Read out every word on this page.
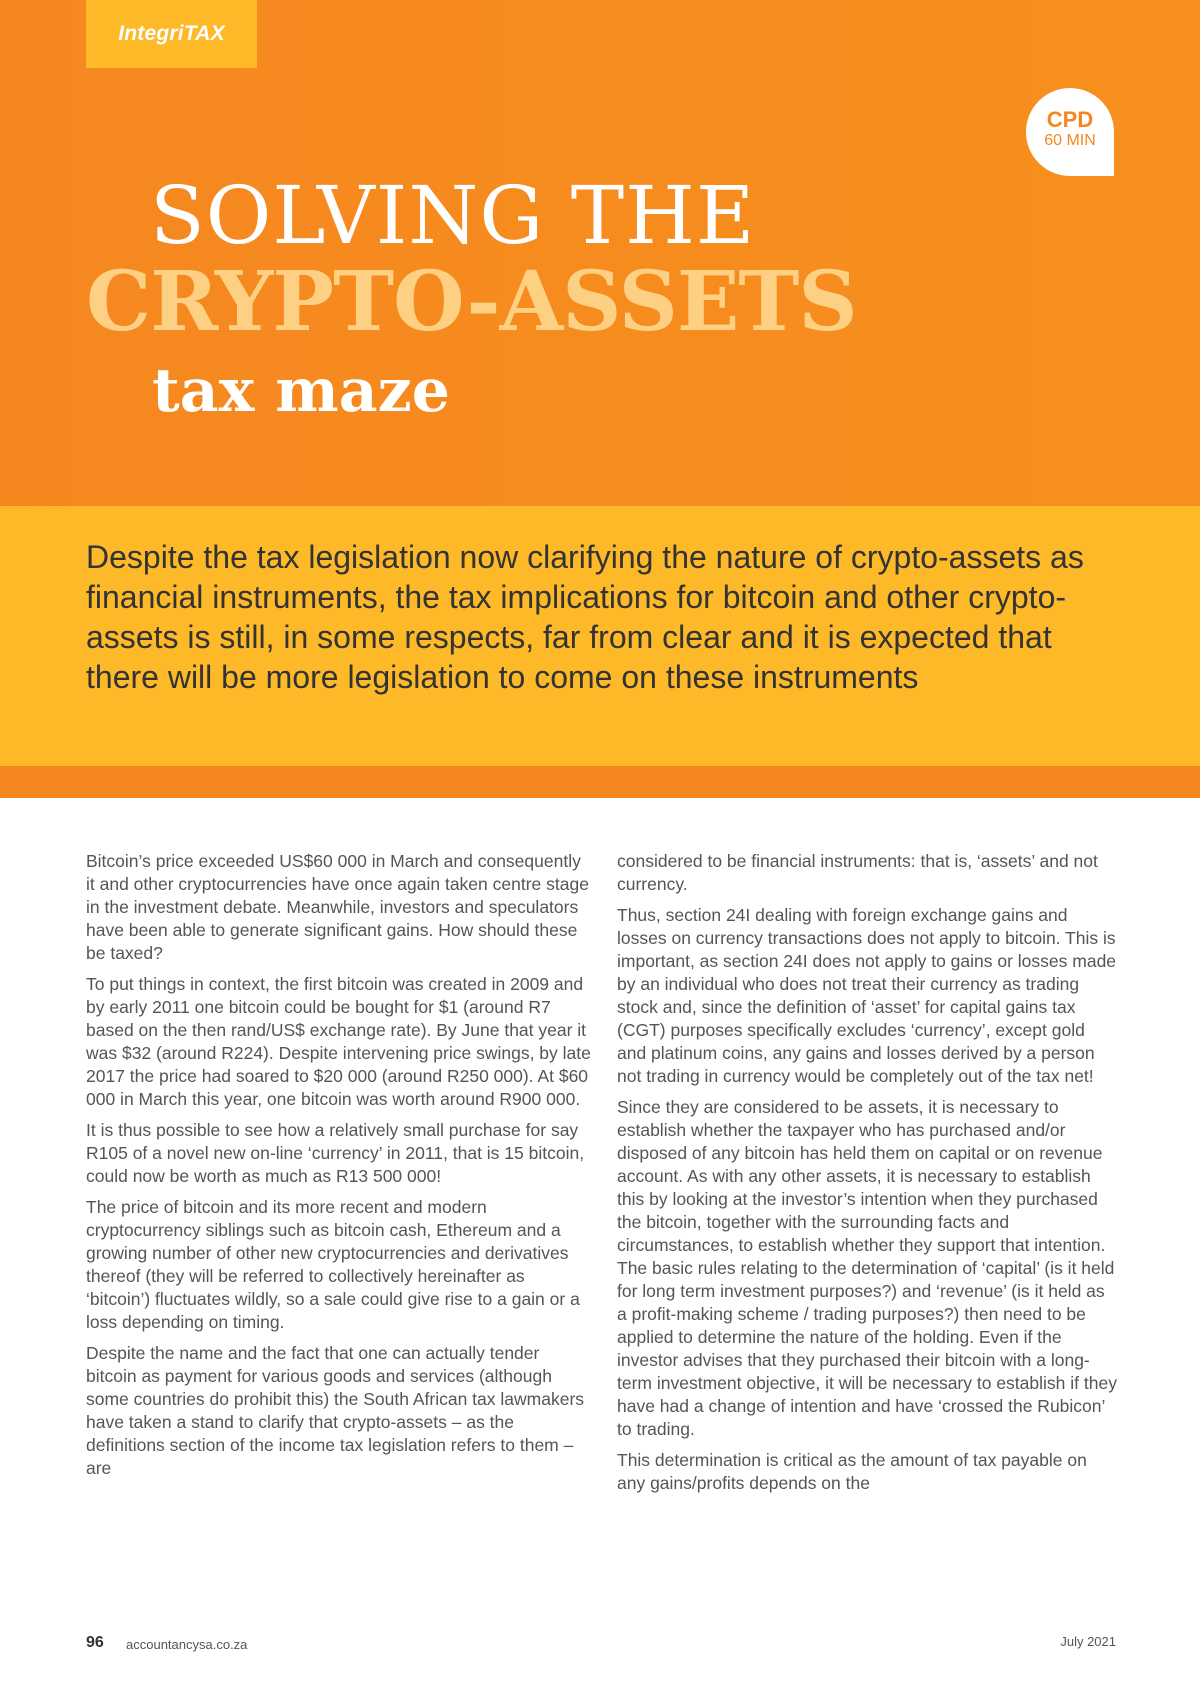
IntegriTAX
CPD
60 MIN
SOLVING THE
CRYPTO-ASSETS
tax maze

Despite the tax legislation now clarifying the nature of crypto-assets as financial instruments, the tax implications for bitcoin and other crypto-assets is still, in some respects, far from clear and it is expected that there will be more legislation to come on these instruments

Bitcoin’s price exceeded US$60 000 in March and consequently it and other cryptocurrencies have once again taken centre stage in the investment debate. Meanwhile, investors and speculators have been able to generate significant gains. How should these be taxed?

To put things in context, the first bitcoin was created in 2009 and by early 2011 one bitcoin could be bought for $1 (around R7 based on the then rand/US$ exchange rate). By June that year it was $32 (around R224). Despite intervening price swings, by late 2017 the price had soared to $20 000 (around R250 000). At $60 000 in March this year, one bitcoin was worth around R900 000.

It is thus possible to see how a relatively small purchase for say R105 of a novel new on-line ‘currency’ in 2011, that is 15 bitcoin, could now be worth as much as R13 500 000!

The price of bitcoin and its more recent and modern cryptocurrency siblings such as bitcoin cash, Ethereum and a growing number of other new cryptocurrencies and derivatives thereof (they will be referred to collectively hereinafter as ‘bitcoin’) fluctuates wildly, so a sale could give rise to a gain or a loss depending on timing.

Despite the name and the fact that one can actually tender bitcoin as payment for various goods and services (although some countries do prohibit this) the South African tax lawmakers have taken a stand to clarify that crypto-assets – as the definitions section of the income tax legislation refers to them – are

considered to be financial instruments: that is, ‘assets’ and not currency.

Thus, section 24I dealing with foreign exchange gains and losses on currency transactions does not apply to bitcoin. This is important, as section 24I does not apply to gains or losses made by an individual who does not treat their currency as trading stock and, since the definition of ‘asset’ for capital gains tax (CGT) purposes specifically excludes ‘currency’, except gold and platinum coins, any gains and losses derived by a person not trading in currency would be completely out of the tax net!

Since they are considered to be assets, it is necessary to establish whether the taxpayer who has purchased and/or disposed of any bitcoin has held them on capital or on revenue account. As with any other assets, it is necessary to establish this by looking at the investor’s intention when they purchased the bitcoin, together with the surrounding facts and circumstances, to establish whether they support that intention. The basic rules relating to the determination of ‘capital’ (is it held for long term investment purposes?) and ‘revenue’ (is it held as a profit-making scheme / trading purposes?) then need to be applied to determine the nature of the holding. Even if the investor advises that they purchased their bitcoin with a long-term investment objective, it will be necessary to establish if they have had a change of intention and have ‘crossed the Rubicon’ to trading.

This determination is critical as the amount of tax payable on any gains/profits depends on the

96 accountancysa.co.za	July 2021
